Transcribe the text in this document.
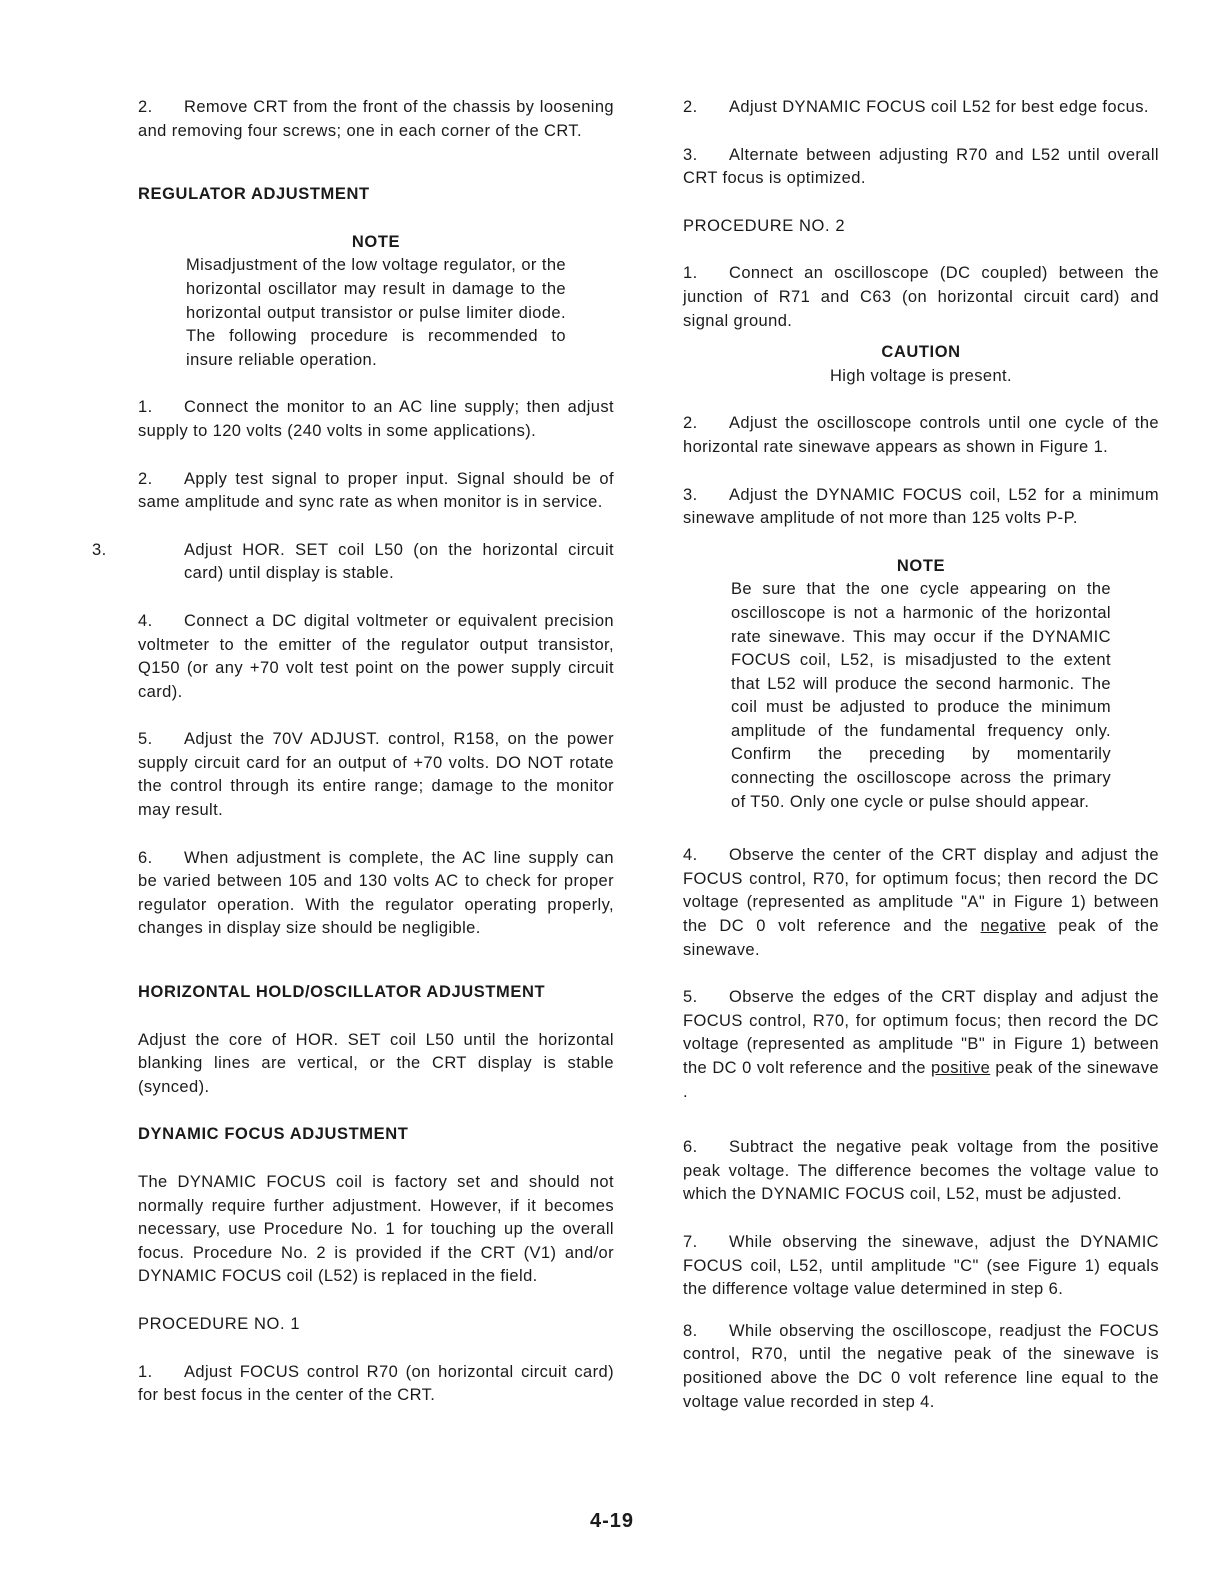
2. Remove CRT from the front of the chassis by loosening and removing four screws; one in each corner of the CRT.

REGULATOR ADJUSTMENT

NOTE

Misadjustment of the low voltage regulator, or the horizontal oscillator may result in damage to the horizontal output transistor or pulse limiter diode. The following procedure is recommended to insure reliable operation.

1. Connect the monitor to an AC line supply; then adjust supply to 120 volts (240 volts in some applications).

2. Apply test signal to proper input. Signal should be of same amplitude and sync rate as when monitor is in service.

3.	Adjust HOR. SET coil L50 (on the horizontal circuit card) until display is stable.

4. Connect a DC digital voltmeter or equivalent precision voltmeter to the emitter of the regulator output transistor, Q150 (or any +70 volt test point on the power supply circuit card).

5. Adjust the 70V ADJUST. control, R158, on the power supply circuit card for an output of +70 volts. DO NOT rotate the control through its entire range; damage to the monitor may result.

6. When adjustment is complete, the AC line supply can be varied between 105 and 130 volts AC to check for proper regulator operation. With the regulator operating properly, changes in display size should be negligible.

HORIZONTAL HOLD/OSCILLATOR ADJUSTMENT

Adjust the core of HOR. SET coil L50 until the horizontal blanking lines are vertical, or the CRT display is stable (synced).

DYNAMIC FOCUS ADJUSTMENT

The DYNAMIC FOCUS coil is factory set and should not normally require further adjustment. However, if it becomes necessary, use Procedure No. 1 for touching up the overall focus. Procedure No. 2 is provided if the CRT (V1) and/or DYNAMIC FOCUS coil (L52) is replaced in the field.

PROCEDURE NO. 1

1. Adjust FOCUS control R70 (on horizontal circuit card) for best focus in the center of the CRT.

2. Adjust DYNAMIC FOCUS coil L52 for best edge focus.

3. Alternate between adjusting R70 and L52 until overall CRT focus is optimized.

PROCEDURE NO. 2

1. Connect an oscilloscope (DC coupled) between the junction of R71 and C63 (on horizontal circuit card) and signal ground.

CAUTION

High voltage is present.

2. Adjust the oscilloscope controls until one cycle of the horizontal rate sinewave appears as shown in Figure 1.

3. Adjust the DYNAMIC FOCUS coil, L52 for a minimum sinewave amplitude of not more than 125 volts P-P.

NOTE

Be sure that the one cycle appearing on the oscilloscope is not a harmonic of the horizontal rate sinewave. This may occur if the DYNAMIC FOCUS coil, L52, is misadjusted to the extent that L52 will produce the second harmonic. The coil must be adjusted to produce the minimum amplitude of the fundamental frequency only. Confirm the preceding by momentarily connecting the oscilloscope across the primary of T50. Only one cycle or pulse should appear.

4. Observe the center of the CRT display and adjust the FOCUS control, R70, for optimum focus; then record the DC voltage (represented as amplitude "A" in Figure 1) between the DC 0 volt reference and the negative peak of the sinewave.

5. Observe the edges of the CRT display and adjust the FOCUS control, R70, for optimum focus; then record the DC voltage (represented as amplitude "B" in Figure 1) between the DC 0 volt reference and the positive peak of the sinewave .

6. Subtract the negative peak voltage from the positive peak voltage. The difference becomes the voltage value to which the DYNAMIC FOCUS coil, L52, must be adjusted.

7. While observing the sinewave, adjust the DYNAMIC FOCUS coil, L52, until amplitude "C" (see Figure 1) equals the difference voltage value determined in step 6.

8. While observing the oscilloscope, readjust the FOCUS control, R70, until the negative peak of the sinewave is positioned above the DC 0 volt reference line equal to the voltage value recorded in step 4.

4-19
